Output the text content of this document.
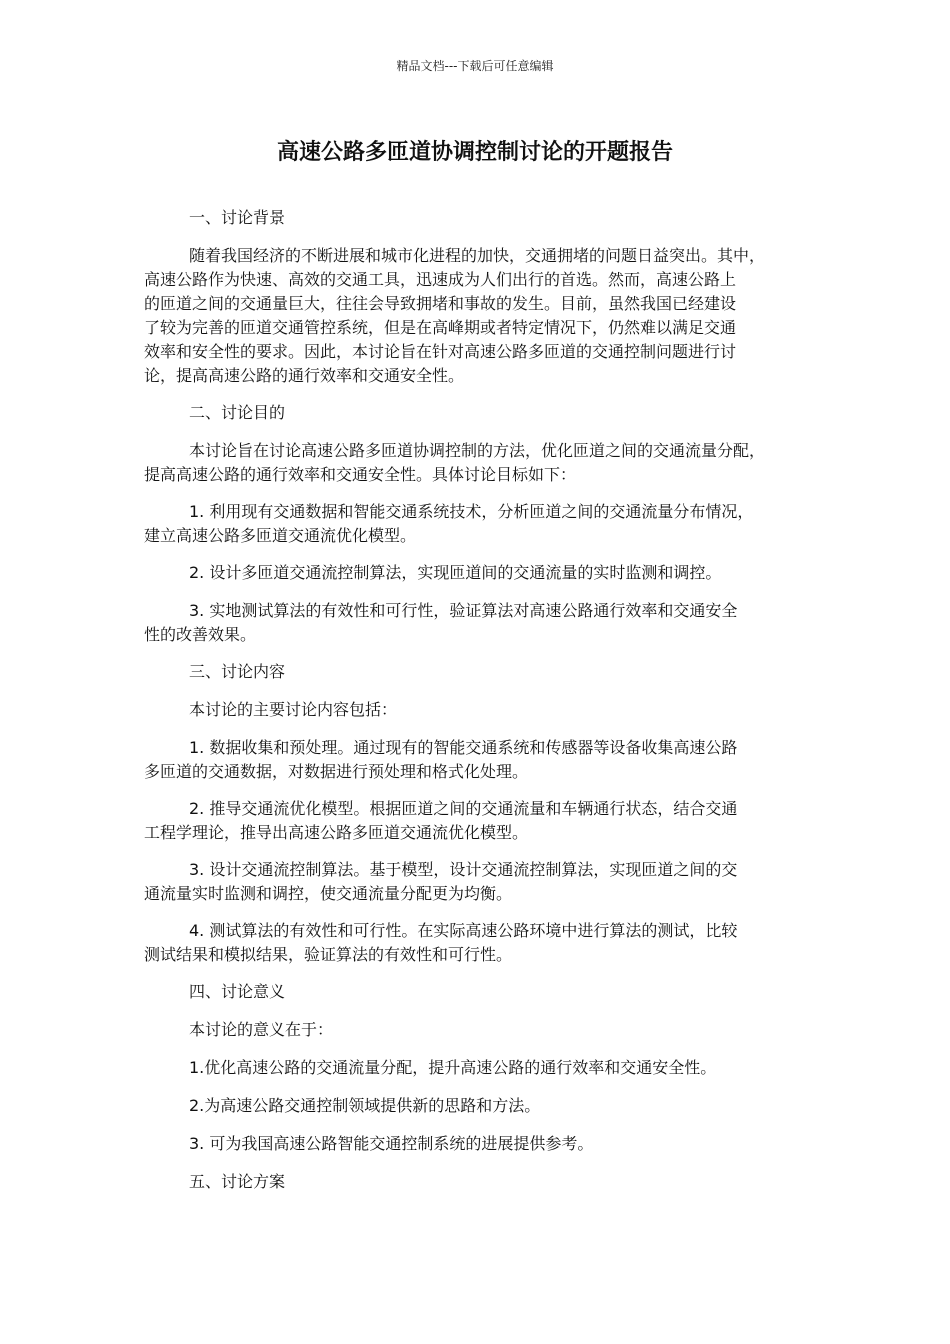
精品文档---下载后可任意编辑
高速公路多匝道协调控制讨论的开题报告
一、讨论背景
随着我国经济的不断进展和城市化进程的加快，交通拥堵的问题日益突出。其中，
高速公路作为快速、高效的交通工具，迅速成为人们出行的首选。然而，高速公路上
的匝道之间的交通量巨大，往往会导致拥堵和事故的发生。目前，虽然我国已经建设
了较为完善的匝道交通管控系统，但是在高峰期或者特定情况下，仍然难以满足交通
效率和安全性的要求。因此，本讨论旨在针对高速公路多匝道的交通控制问题进行讨
论，提高高速公路的通行效率和交通安全性。
二、讨论目的
本讨论旨在讨论高速公路多匝道协调控制的方法，优化匝道之间的交通流量分配，
提高高速公路的通行效率和交通安全性。具体讨论目标如下：
1. 利用现有交通数据和智能交通系统技术，分析匝道之间的交通流量分布情况，
建立高速公路多匝道交通流优化模型。
2. 设计多匝道交通流控制算法，实现匝道间的交通流量的实时监测和调控。
3. 实地测试算法的有效性和可行性，验证算法对高速公路通行效率和交通安全
性的改善效果。
三、讨论内容
本讨论的主要讨论内容包括：
1. 数据收集和预处理。通过现有的智能交通系统和传感器等设备收集高速公路
多匝道的交通数据，对数据进行预处理和格式化处理。
2. 推导交通流优化模型。根据匝道之间的交通流量和车辆通行状态，结合交通
工程学理论，推导出高速公路多匝道交通流优化模型。
3. 设计交通流控制算法。基于模型，设计交通流控制算法，实现匝道之间的交
通流量实时监测和调控，使交通流量分配更为均衡。
4. 测试算法的有效性和可行性。在实际高速公路环境中进行算法的测试，比较
测试结果和模拟结果，验证算法的有效性和可行性。
四、讨论意义
本讨论的意义在于：
1.优化高速公路的交通流量分配，提升高速公路的通行效率和交通安全性。
2.为高速公路交通控制领域提供新的思路和方法。
3. 可为我国高速公路智能交通控制系统的进展提供参考。
五、讨论方案
